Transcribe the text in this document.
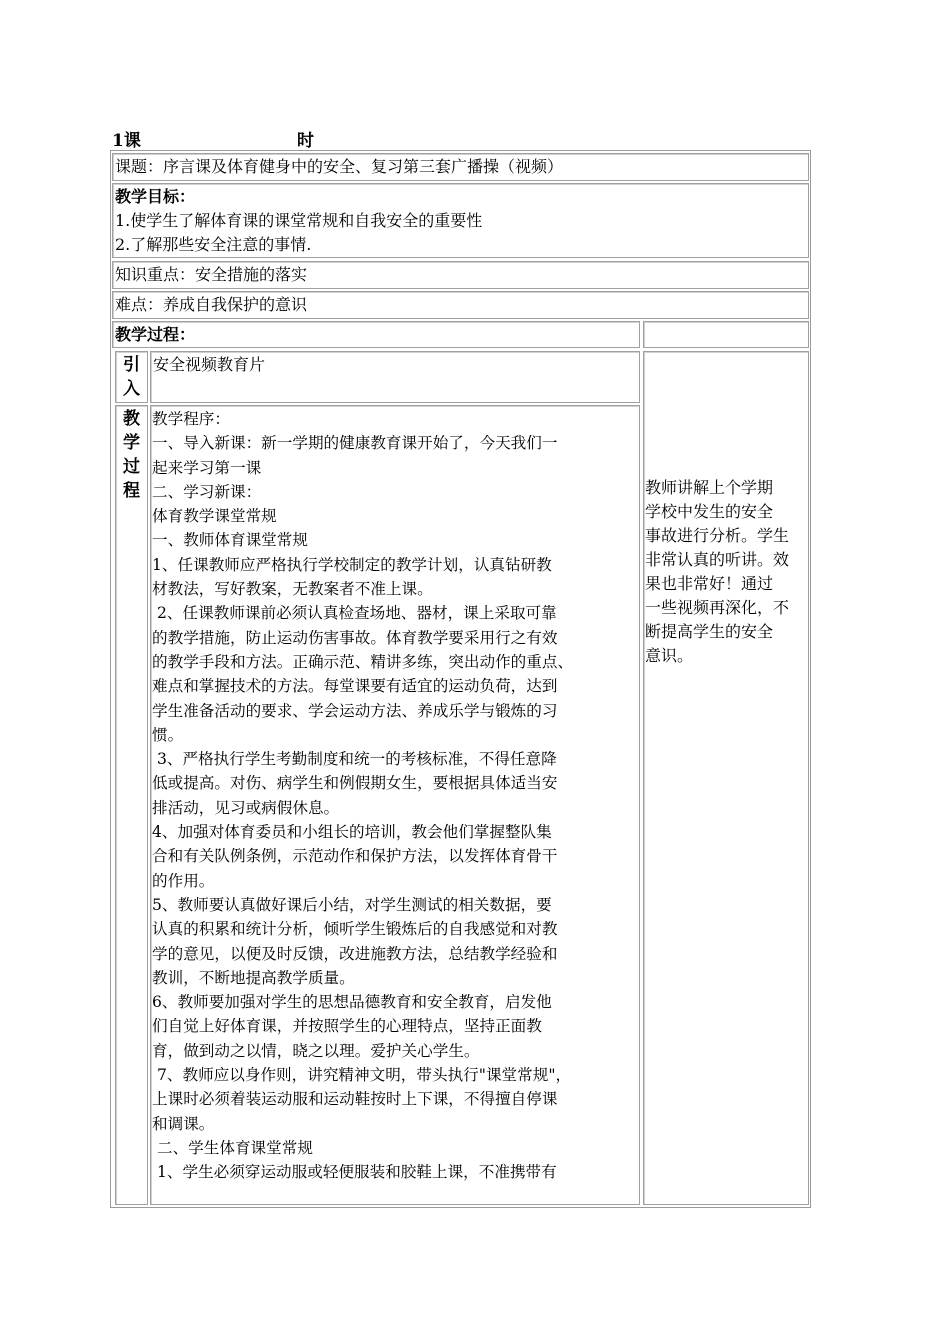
1课	时
课题：序言课及体育健身中的安全、复习第三套广播操（视频）
教学目标：
1.使学生了解体育课的课堂常规和自我安全的重要性
2.了解那些安全注意的事情.
知识重点：安全措施的落实
难点：养成自我保护的意识
教学过程：
引
入
安全视频教育片
教
学
过
程
教学程序：
一、导入新课：新一学期的健康教育课开始了，今天我们一
起来学习第一课
二、学习新课：
体育教学课堂常规
一、教师体育课堂常规
1、任课教师应严格执行学校制定的教学计划，认真钻研教
材教法，写好教案，无教案者不准上课。
2、任课教师课前必须认真检查场地、器材，课上采取可靠
的教学措施，防止运动伤害事故。体育教学要采用行之有效
的教学手段和方法。正确示范、精讲多练，突出动作的重点、
难点和掌握技术的方法。每堂课要有适宜的运动负荷，达到
学生准备活动的要求、学会运动方法、养成乐学与锻炼的习
惯。
3、严格执行学生考勤制度和统一的考核标准，不得任意降
低或提高。对伤、病学生和例假期女生，要根据具体适当安
排活动，见习或病假休息。
4、加强对体育委员和小组长的培训，教会他们掌握整队集
合和有关队例条例，示范动作和保护方法，以发挥体育骨干
的作用。
5、教师要认真做好课后小结，对学生测试的相关数据，要
认真的积累和统计分析，倾听学生锻炼后的自我感觉和对教
学的意见，以便及时反馈，改进施教方法，总结教学经验和
教训，不断地提高教学质量。
6、教师要加强对学生的思想品德教育和安全教育，启发他
们自觉上好体育课，并按照学生的心理特点，坚持正面教
育，做到动之以情，晓之以理。爱护关心学生。
7、教师应以身作则，讲究精神文明，带头执行"课堂常规"，
上课时必须着装运动服和运动鞋按时上下课，不得擅自停课
和调课。
二、学生体育课堂常规
1、学生必须穿运动服或轻便服装和胶鞋上课，不准携带有
教师讲解上个学期
学校中发生的安全
事故进行分析。学生
非常认真的听讲。效
果也非常好！通过
一些视频再深化，不
断提高学生的安全
意识。
